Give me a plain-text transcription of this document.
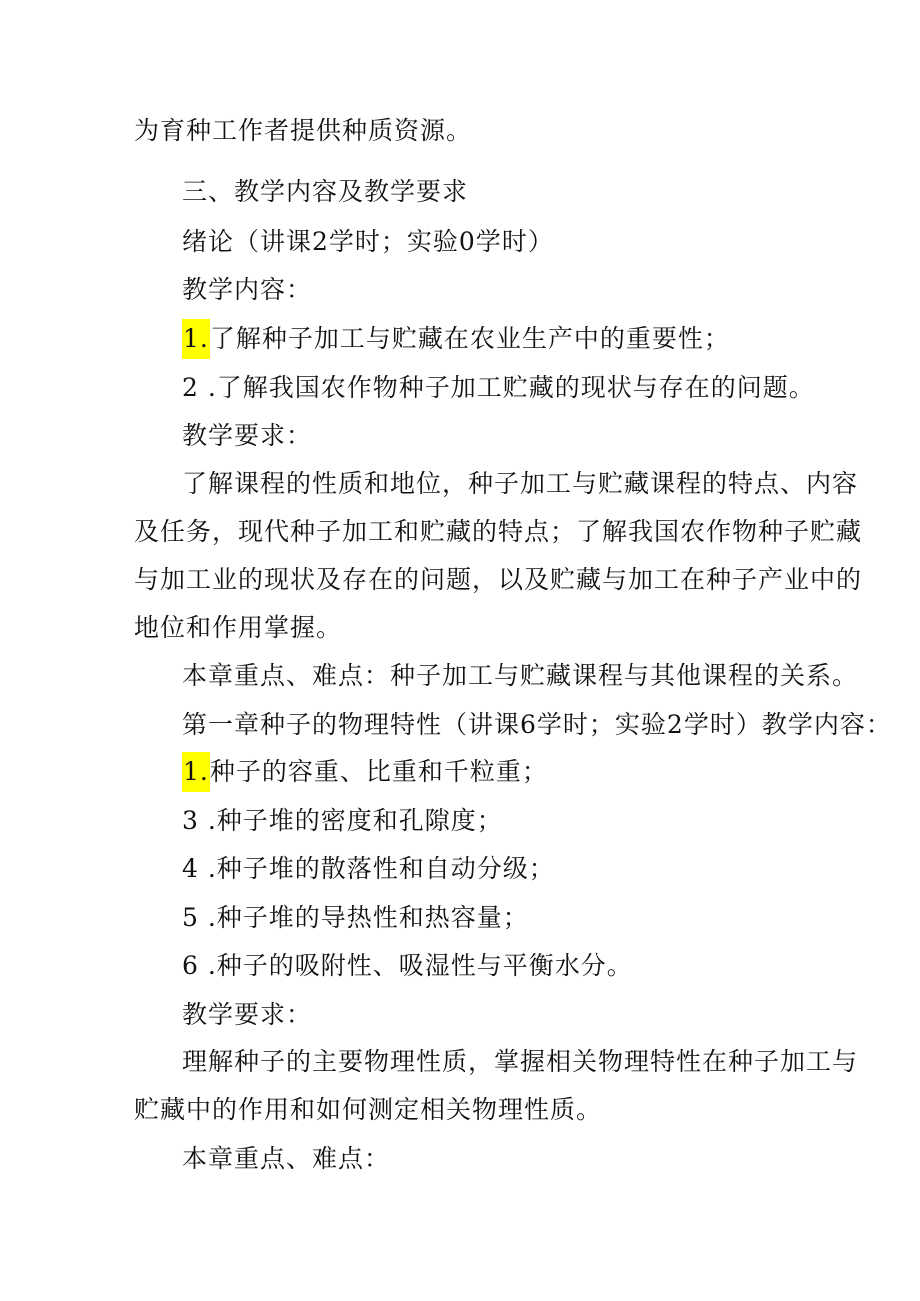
为育种工作者提供种质资源。
三、教学内容及教学要求
绪论（讲课2学时；实验0学时）
教学内容：
1.了解种子加工与贮藏在农业生产中的重要性；
2 .了解我国农作物种子加工贮藏的现状与存在的问题。
教学要求：
了解课程的性质和地位，种子加工与贮藏课程的特点、内容
及任务，现代种子加工和贮藏的特点；了解我国农作物种子贮藏
与加工业的现状及存在的问题，以及贮藏与加工在种子产业中的
地位和作用掌握。
本章重点、难点：种子加工与贮藏课程与其他课程的关系。
第一章种子的物理特性（讲课6学时；实验2学时）教学内容：
1.种子的容重、比重和千粒重；
3 .种子堆的密度和孔隙度；
4 .种子堆的散落性和自动分级；
5 .种子堆的导热性和热容量；
6 .种子的吸附性、吸湿性与平衡水分。
教学要求：
理解种子的主要物理性质，掌握相关物理特性在种子加工与
贮藏中的作用和如何测定相关物理性质。
本章重点、难点：
